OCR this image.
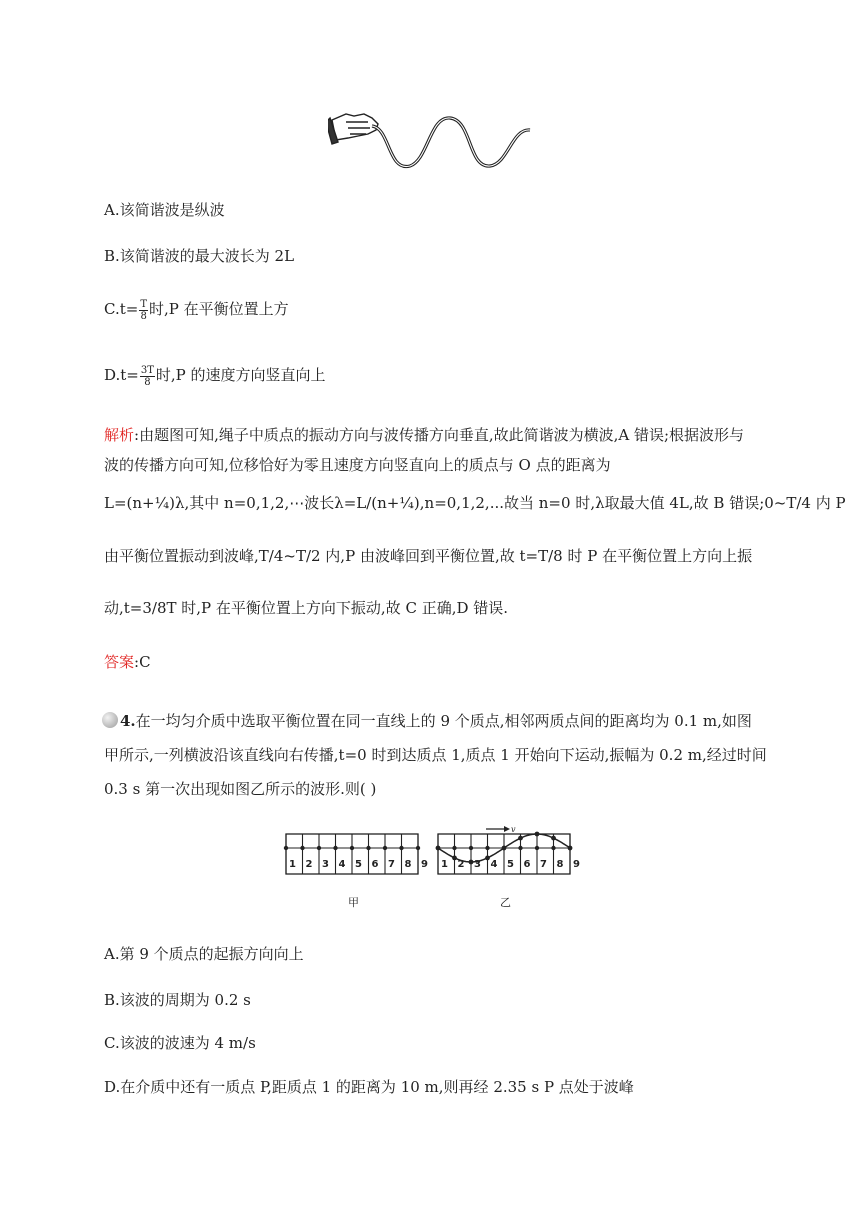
A.该简谐波是纵波
B.该简谐波的最大波长为 2L
$C.t= \frac{T}{8}$ 时,P 在平衡位置上方
$D.t= \frac{3T}{8}$ 时,P 的速度方向竖直向上
解析:由题图可知,绳子中质点的振动方向与波传播方向垂直,故此简谐波为横波,A 错误;根据波形与
波的传播方向可知,位移恰好为零且速度方向竖直向上的质点与 O 点的距离为
L=(n+¼)λ,其中 n=0,1,2,⋯波长λ=L/(n+¼),n=0,1,2,...故当 n=0 时,λ取最大值 4L,故 B 错误;0~T/4 内 P
由平衡位置振动到波峰,T/4~T/2 内,P 由波峰回到平衡位置,故 t=T/8 时 P 在平衡位置上方向上振
动,t=3/8T 时,P 在平衡位置上方向下振动,故 C 正确,D 错误.
答案:C
4.在一均匀介质中选取平衡位置在同一直线上的 9 个质点,相邻两质点间的距离均为 0.1 m,如图
甲所示,一列横波沿该直线向右传播,t=0 时到达质点 1,质点 1 开始向下运动,振幅为 0.2 m,经过时间
0.3 s 第一次出现如图乙所示的波形.则( )
1 2 3 4 5 6 7 8 9 1 2 3 4 5 6 7 8 9
v
甲	乙
A.第 9 个质点的起振方向向上
B.该波的周期为 0.2 s
C.该波的波速为 4 m/s
D.在介质中还有一质点 P,距质点 1 的距离为 10 m,则再经 2.35 s P 点处于波峰
